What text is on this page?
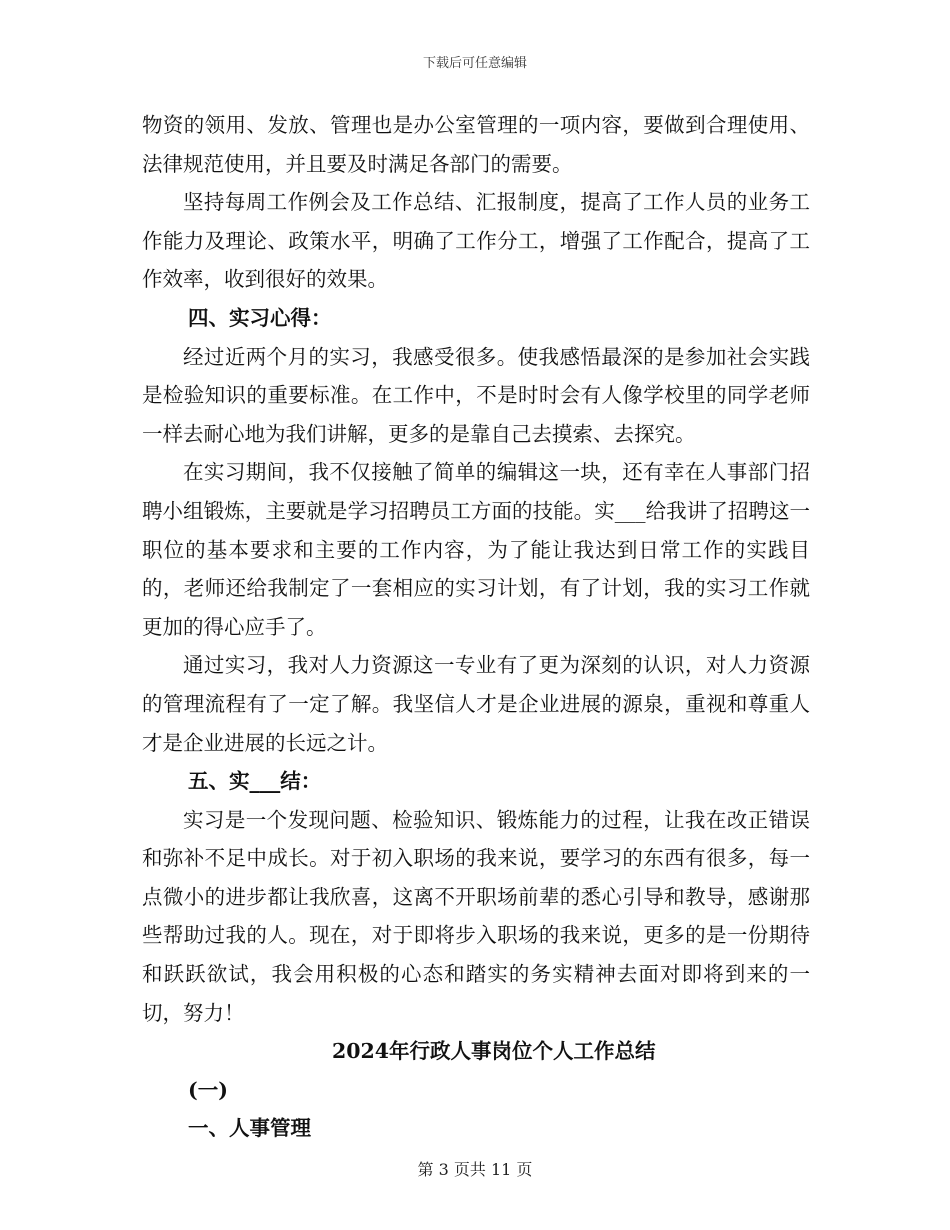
下载后可任意编辑

物资的领用、发放、管理也是办公室管理的一项内容，要做到合理使用、法律规范使用，并且要及时满足各部门的需要。

坚持每周工作例会及工作总结、汇报制度，提高了工作人员的业务工作能力及理论、政策水平，明确了工作分工，增强了工作配合，提高了工作效率，收到很好的效果。

四、实习心得：

经过近两个月的实习，我感受很多。使我感悟最深的是参加社会实践是检验知识的重要标准。在工作中，不是时时会有人像学校里的同学老师一样去耐心地为我们讲解，更多的是靠自己去摸索、去探究。

在实习期间，我不仅接触了简单的编辑这一块，还有幸在人事部门招聘小组锻炼，主要就是学习招聘员工方面的技能。实___给我讲了招聘这一职位的基本要求和主要的工作内容，为了能让我达到日常工作的实践目的，老师还给我制定了一套相应的实习计划，有了计划，我的实习工作就更加的得心应手了。

通过实习，我对人力资源这一专业有了更为深刻的认识，对人力资源的管理流程有了一定了解。我坚信人才是企业进展的源泉，重视和尊重人才是企业进展的长远之计。

五、实___结：

实习是一个发现问题、检验知识、锻炼能力的过程，让我在改正错误和弥补不足中成长。对于初入职场的我来说，要学习的东西有很多，每一点微小的进步都让我欣喜，这离不开职场前辈的悉心引导和教导，感谢那些帮助过我的人。现在，对于即将步入职场的我来说，更多的是一份期待和跃跃欲试，我会用积极的心态和踏实的务实精神去面对即将到来的一切，努力！

2024年行政人事岗位个人工作总结

(一)

一、人事管理

第 3 页共 11 页
